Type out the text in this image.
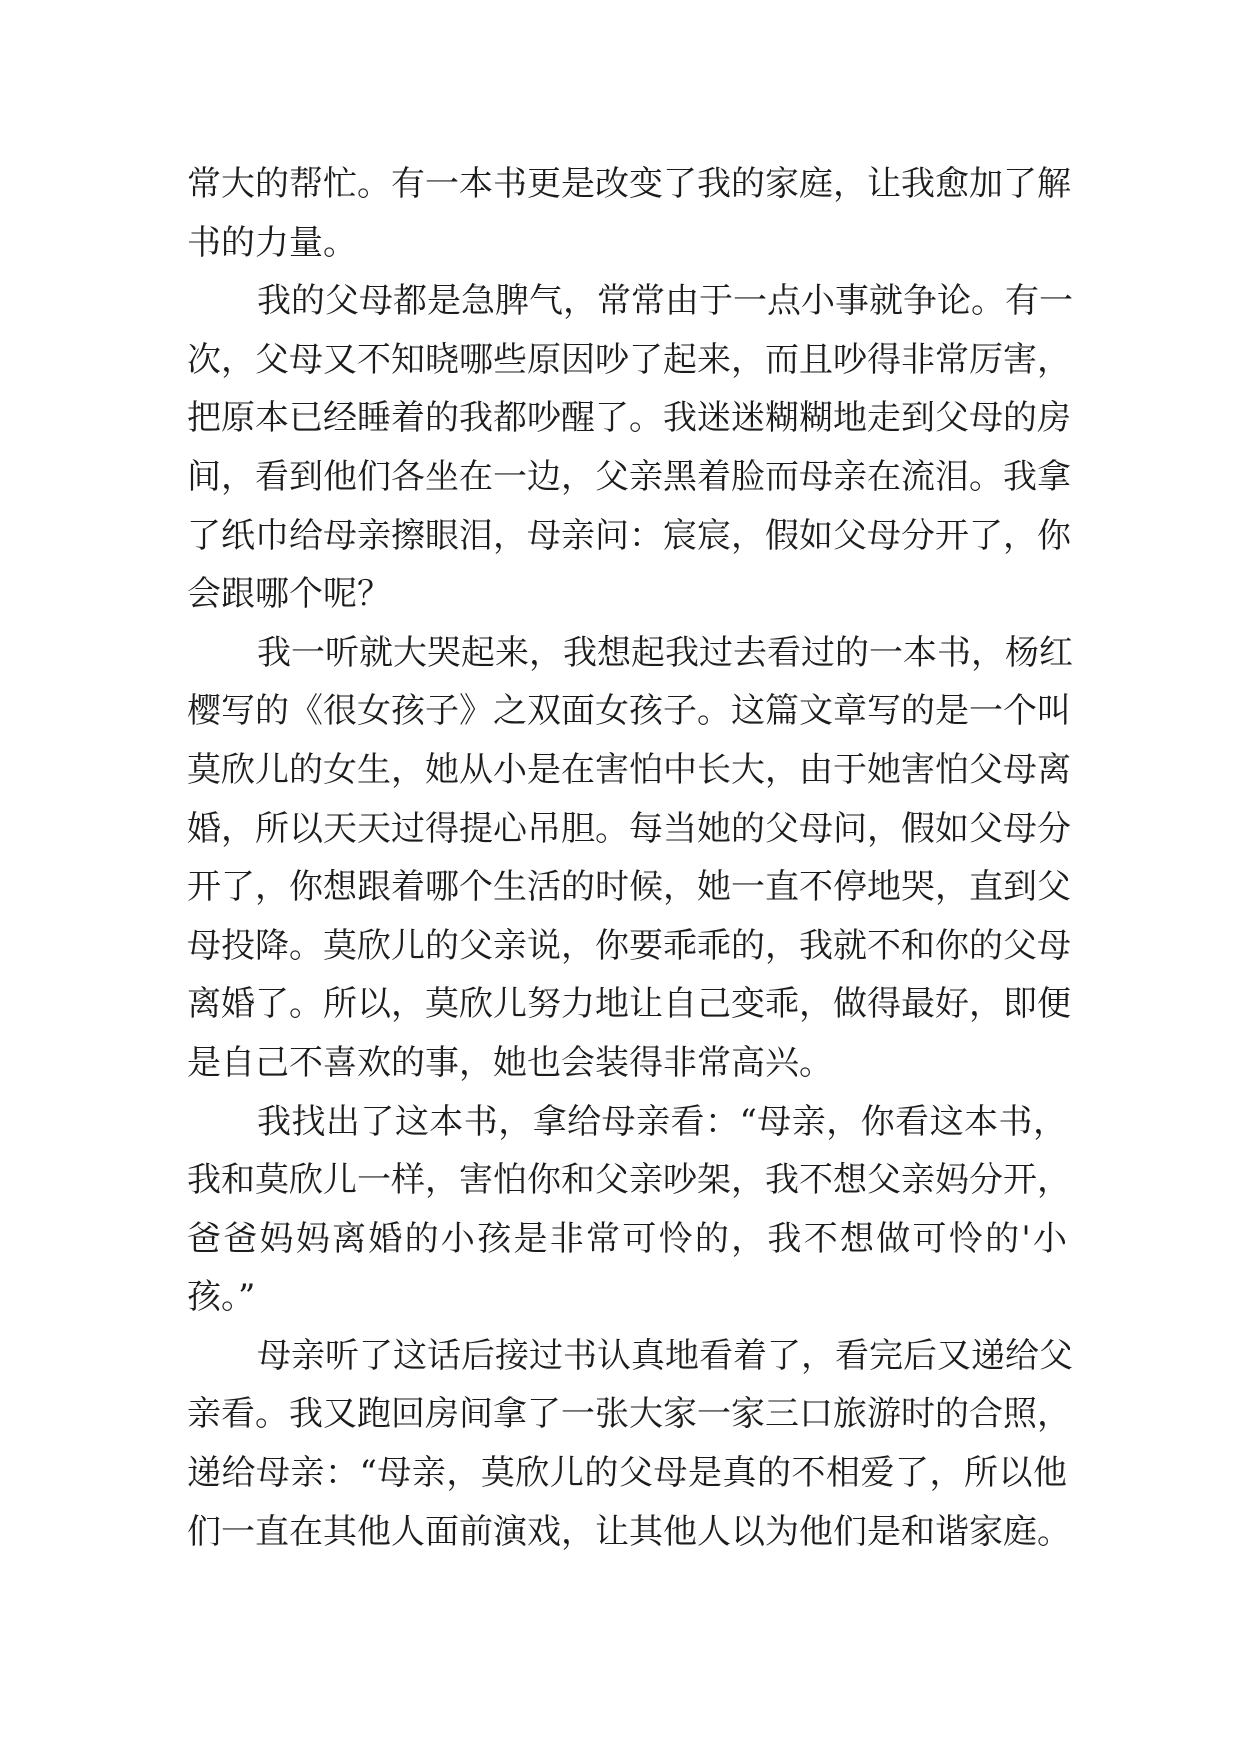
常大的帮忙。有一本书更是改变了我的家庭，让我愈加了解
书的力量。
我的父母都是急脾气，常常由于一点小事就争论。有一
次，父母又不知晓哪些原因吵了起来，而且吵得非常厉害，
把原本已经睡着的我都吵醒了。我迷迷糊糊地走到父母的房
间，看到他们各坐在一边，父亲黑着脸而母亲在流泪。我拿
了纸巾给母亲擦眼泪，母亲问：宸宸，假如父母分开了，你
会跟哪个呢？
我一听就大哭起来，我想起我过去看过的一本书，杨红
樱写的《很女孩子》之双面女孩子。这篇文章写的是一个叫
莫欣儿的女生，她从小是在害怕中长大，由于她害怕父母离
婚，所以天天过得提心吊胆。每当她的父母问，假如父母分
开了，你想跟着哪个生活的时候，她一直不停地哭，直到父
母投降。莫欣儿的父亲说，你要乖乖的，我就不和你的父母
离婚了。所以，莫欣儿努力地让自己变乖，做得最好，即便
是自己不喜欢的事，她也会装得非常高兴。
我找出了这本书，拿给母亲看：“母亲，你看这本书，
我和莫欣儿一样，害怕你和父亲吵架，我不想父亲妈分开，
爸爸妈妈离婚的小孩是非常可怜的，我不想做可怜的'小
孩。”
母亲听了这话后接过书认真地看着了，看完后又递给父
亲看。我又跑回房间拿了一张大家一家三口旅游时的合照，
递给母亲：“母亲，莫欣儿的父母是真的不相爱了，所以他
们一直在其他人面前演戏，让其他人以为他们是和谐家庭。
